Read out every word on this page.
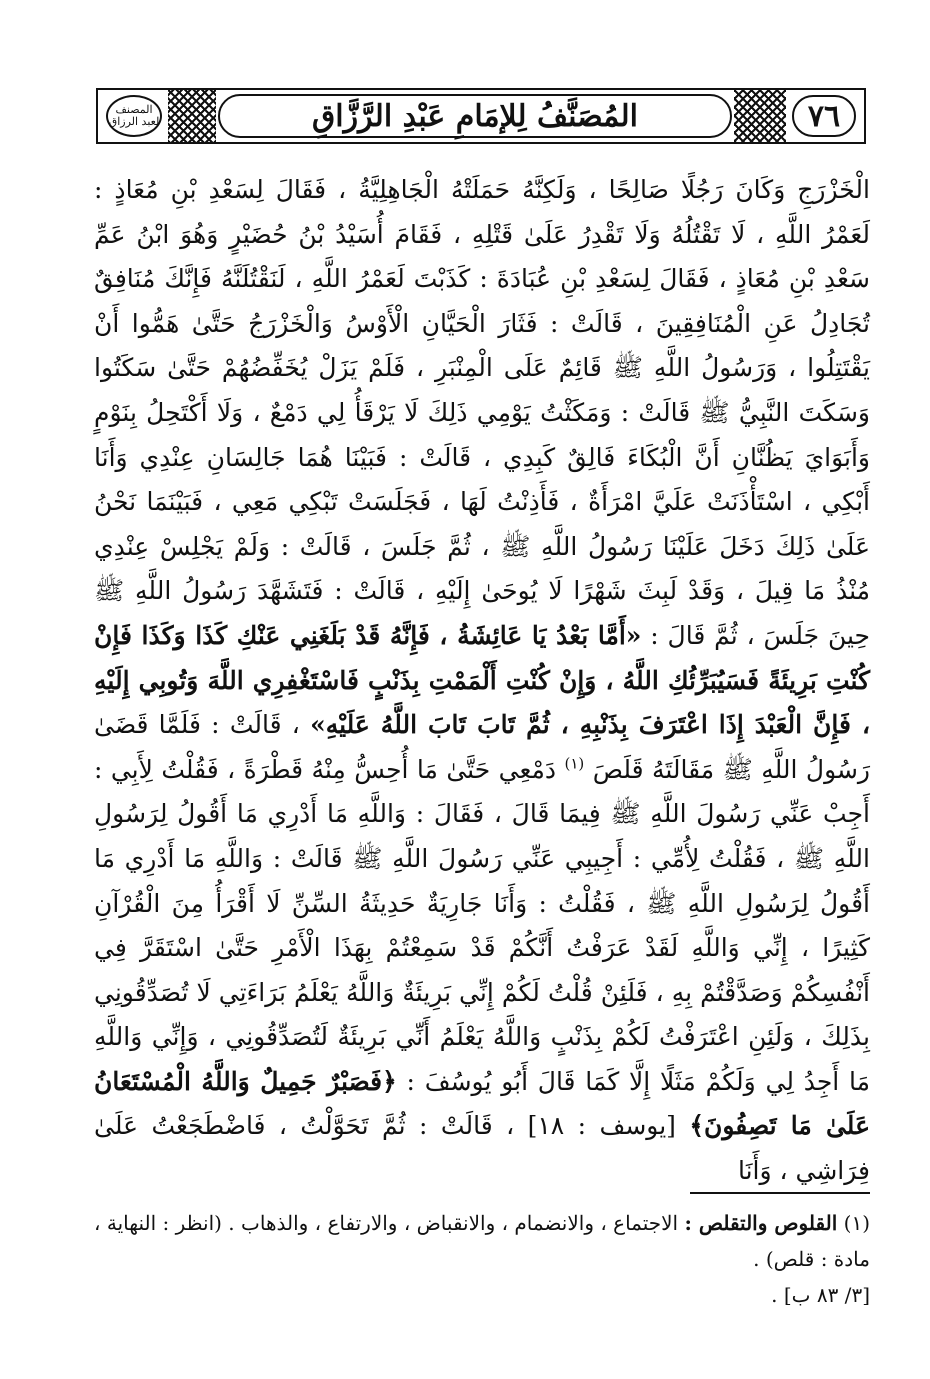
المصنف لعبد الرزاق	المُصَنَّفُ لِلإمَامِ عَبْدِ الرَّزَّاقِ	٧٦

الْخَزْرَجِ وَكَانَ رَجُلًا صَالِحًا ، وَلَكِنَّهُ حَمَلَتْهُ الْجَاهِلِيَّةُ ، فَقَالَ لِسَعْدِ بْنِ مُعَاذٍ : لَعَمْرُ اللَّهِ ، لَا تَقْتُلُهُ وَلَا تَقْدِرُ عَلَىٰ قَتْلِهِ ، فَقَامَ أُسَيْدُ بْنُ حُضَيْرٍ وَهُوَ ابْنُ عَمِّ سَعْدِ بْنِ مُعَاذٍ ، فَقَالَ لِسَعْدِ بْنِ عُبَادَةَ : كَذَبْتَ لَعَمْرُ اللَّهِ ، لَنَقْتُلَنَّهُ فَإِنَّكَ مُنَافِقٌ تُجَادِلُ عَنِ الْمُنَافِقِينَ ، قَالَتْ : فَثَارَ الْحَيَّانِ الْأَوْسُ وَالْخَزْرَجُ حَتَّىٰ هَمُّوا أَنْ يَقْتَتِلُوا ، وَرَسُولُ اللَّهِ ﷺ قَائِمٌ عَلَى الْمِنْبَرِ ، فَلَمْ يَزَلْ يُخَفِّضُهُمْ حَتَّىٰ سَكَتُوا وَسَكَتَ النَّبِيُّ ﷺ قَالَتْ : وَمَكَثْتُ يَوْمِي ذَلِكَ لَا يَرْقَأُ لِي دَمْعٌ ، وَلَا أَكْتَحِلُ بِنَوْمٍ وَأَبَوَايَ يَظُنَّانِ أَنَّ الْبُكَاءَ فَالِقٌ كَبِدِي ، قَالَتْ : فَبَيْنَا هُمَا جَالِسَانِ عِنْدِي وَأَنَا أَبْكِي ، اسْتَأْذَنَتْ عَلَيَّ امْرَأَةٌ ، فَأَذِنْتُ لَهَا ، فَجَلَسَتْ تَبْكِي مَعِي ، فَبَيْنَمَا نَحْنُ عَلَىٰ ذَلِكَ دَخَلَ عَلَيْنَا رَسُولُ اللَّهِ ﷺ ، ثُمَّ جَلَسَ ، قَالَتْ : وَلَمْ يَجْلِسْ عِنْدِي مُنْذُ مَا قِيلَ ، وَقَدْ لَبِثَ شَهْرًا لَا يُوحَىٰ إِلَيْهِ ، قَالَتْ : فَتَشَهَّدَ رَسُولُ اللَّهِ ﷺ حِينَ جَلَسَ ، ثُمَّ قَالَ : «أَمَّا بَعْدُ يَا عَائِشَةُ ، فَإِنَّهُ قَدْ بَلَغَنِي عَنْكِ كَذَا وَكَذَا فَإِنْ كُنْتِ بَرِيئَةً فَسَيُبَرِّئُكِ اللَّهُ ، وَإِنْ كُنْتِ أَلْمَمْتِ بِذَنْبٍ فَاسْتَغْفِرِي اللَّهَ وَتُوبِي إِلَيْهِ ، فَإِنَّ الْعَبْدَ إِذَا اعْتَرَفَ بِذَنْبِهِ ، ثُمَّ تَابَ تَابَ اللَّهُ عَلَيْهِ» ، قَالَتْ : فَلَمَّا قَضَىٰ رَسُولُ اللَّهِ ﷺ مَقَالَتَهُ قَلَصَ $^{(١)}$ دَمْعِي حَتَّىٰ مَا أُحِسُّ مِنْهُ قَطْرَةً ، فَقُلْتُ لِأَبِي : أَجِبْ عَنِّي رَسُولَ اللَّهِ ﷺ فِيمَا قَالَ ، فَقَالَ : وَاللَّهِ مَا أَدْرِي مَا أَقُولُ لِرَسُولِ اللَّهِ ﷺ ، فَقُلْتُ لِأُمِّي : أَجِيبِي عَنِّي رَسُولَ اللَّهِ ﷺ قَالَتْ : وَاللَّهِ مَا أَدْرِي مَا أَقُولُ لِرَسُولِ اللَّهِ ﷺ ، فَقُلْتُ : وَأَنَا جَارِيَةٌ حَدِيثَةُ السِّنِّ لَا أَقْرَأُ مِنَ الْقُرْآنِ كَثِيرًا ، إِنِّي وَاللَّهِ لَقَدْ عَرَفْتُ أَنَّكُمْ قَدْ سَمِعْتُمْ بِهَذَا الْأَمْرِ حَتَّىٰ اسْتَقَرَّ فِي أَنْفُسِكُمْ وَصَدَّقْتُمْ بِهِ ، فَلَئِنْ قُلْتُ لَكُمْ إِنِّي بَرِيئَةٌ وَاللَّهُ يَعْلَمُ بَرَاءَتِي لَا تُصَدِّقُونِي بِذَلِكَ ، وَلَئِنِ اعْتَرَفْتُ لَكُمْ بِذَنْبٍ وَاللَّهُ يَعْلَمُ أَنِّي بَرِيئَةٌ لَتُصَدِّقُونِي ، وَإِنِّي وَاللَّهِ مَا أَجِدُ لِي وَلَكُمْ مَثَلًا إِلَّا كَمَا قَالَ أَبُو يُوسُفَ : ﴿فَصَبْرٌ جَمِيلٌ وَاللَّهُ الْمُسْتَعَانُ عَلَىٰ مَا تَصِفُونَ﴾ [يوسف : ١٨] ، قَالَتْ : ثُمَّ تَحَوَّلْتُ ، فَاضْطَجَعْتُ عَلَىٰ فِرَاشِي ، وَأَنَا

(١) القلوص والتقلص : الاجتماع ، والانضمام ، والانقباض ، والارتفاع ، والذهاب . (انظر : النهاية ، مادة : قلص) .

[٣/ ٨٣ ب] .
